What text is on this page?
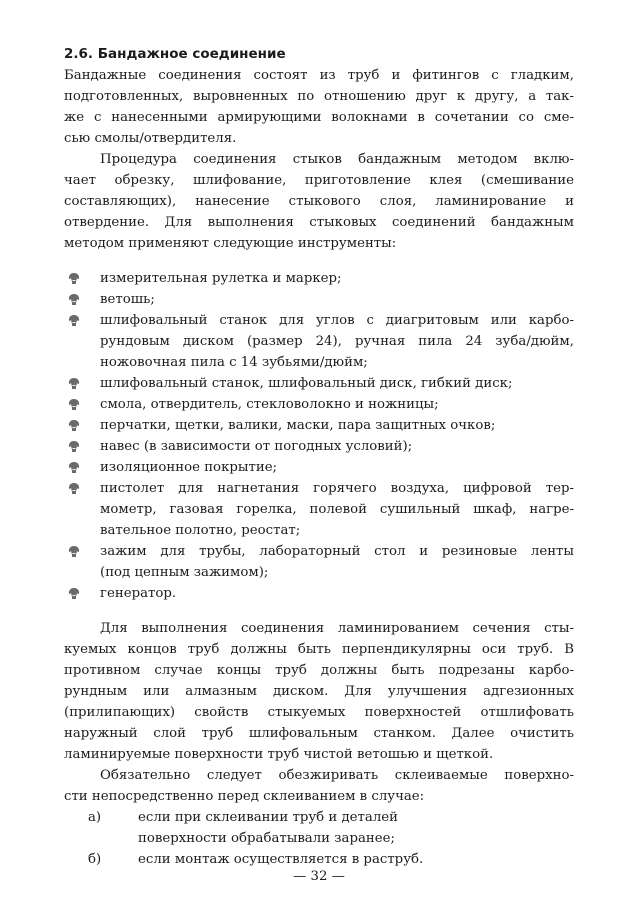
2.6. Бандажное соединение
Бандажные соединения состоят из труб и фитингов с гладким,
подготовленных, выровненных по отношению друг к другу, а так-
же с нанесенными армирующими волокнами в сочетании со сме-
сью смолы/отвердителя.
Процедура соединения стыков бандажным методом вклю-
чает обрезку, шлифование, приготовление клея (смешивание
составляющих), нанесение стыкового слоя, ламинирование и
отвердение. Для выполнения стыковых соединений бандажным
методом применяют следующие инструменты:
измерительная рулетка и маркер;
ветошь;
шлифовальный станок для углов с диагритовым или карбо-
рундовым диском (размер 24), ручная пила 24 зуба/дюйм,
ножовочная пила с 14 зубьями/дюйм;
шлифовальный станок, шлифовальный диск, гибкий диск;
смола, отвердитель, стекловолокно и ножницы;
перчатки, щетки, валики, маски, пара защитных очков;
навес (в зависимости от погодных условий);
изоляционное покрытие;
пистолет для нагнетания горячего воздуха, цифровой тер-
мометр, газовая горелка, полевой сушильный шкаф, нагре-
вательное полотно, реостат;
зажим для трубы, лабораторный стол и резиновые ленты
(под цепным зажимом);
генератор.
Для выполнения соединения ламинированием сечения сты-
куемых концов труб должны быть перпендикулярны оси труб. В
противном случае концы труб должны быть подрезаны карбо-
рундным или алмазным диском. Для улучшения адгезионных
(прилипающих) свойств стыкуемых поверхностей отшлифовать
наружный слой труб шлифовальным станком. Далее очистить
ламинируемые поверхности труб чистой ветошью и щеткой.
Обязательно следует обезжиривать склеиваемые поверхно-
сти непосредственно перед склеиванием в случае:
а)	если при склеивании труб и деталей
поверхности обрабатывали заранее;
б)	если монтаж осуществляется в раструб.
— 32 —
